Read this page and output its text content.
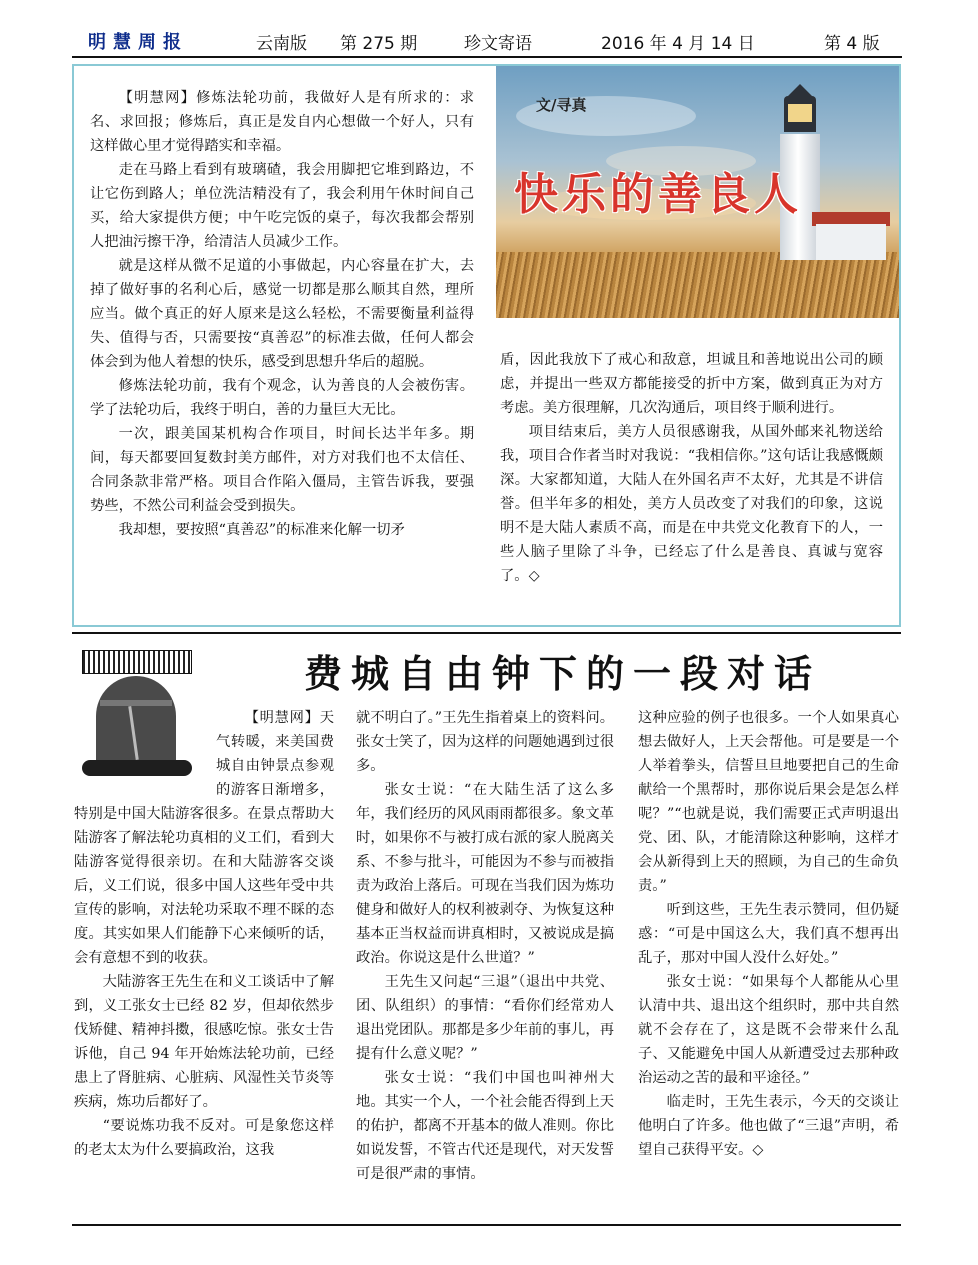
明慧周报	云南版 第 275 期	珍文寄语	2016 年 4 月 14 日	第 4 版
文/寻真
快乐的善良人

【明慧网】修炼法轮功前，我做好人是有所求的：求名、求回报；修炼后，真正是发自内心想做一个好人，只有这样做心里才觉得踏实和幸福。

走在马路上看到有玻璃碴，我会用脚把它堆到路边，不让它伤到路人；单位洗洁精没有了，我会利用午休时间自己买，给大家提供方便；中午吃完饭的桌子，每次我都会帮别人把油污擦干净，给清洁人员减少工作。

就是这样从微不足道的小事做起，内心容量在扩大，去掉了做好事的名利心后，感觉一切都是那么顺其自然，理所应当。做个真正的好人原来是这么轻松，不需要衡量利益得失、值得与否，只需要按“真善忍”的标准去做，任何人都会体会到为他人着想的快乐，感受到思想升华后的超脱。

修炼法轮功前，我有个观念，认为善良的人会被伤害。学了法轮功后，我终于明白，善的力量巨大无比。

一次，跟美国某机构合作项目，时间长达半年多。期间，每天都要回复数封美方邮件，对方对我们也不太信任、合同条款非常严格。项目合作陷入僵局，主管告诉我，要强势些，不然公司利益会受到损失。

我却想，要按照“真善忍”的标准来化解一切矛

盾，因此我放下了戒心和敌意，坦诚且和善地说出公司的顾虑，并提出一些双方都能接受的折中方案，做到真正为对方考虑。美方很理解，几次沟通后，项目终于顺利进行。

项目结束后，美方人员很感谢我，从国外邮来礼物送给我，项目合作者当时对我说：“我相信你。”这句话让我感慨颇深。大家都知道，大陆人在外国名声不太好，尤其是不讲信誉。但半年多的相处，美方人员改变了对我们的印象，这说明不是大陆人素质不高，而是在中共党文化教育下的人，一些人脑子里除了斗争，已经忘了什么是善良、真诚与宽容了。◇

费城自由钟下的一段对话

【明慧网】天气转暖，来美国费城自由钟景点参观的游客日渐增多，特别是中国大陆游客很多。在景点帮助大陆游客了解法轮功真相的义工们，看到大陆游客觉得很亲切。在和大陆游客交谈后，义工们说，很多中国人这些年受中共宣传的影响，对法轮功采取不理不睬的态度。其实如果人们能静下心来倾听的话，会有意想不到的收获。

大陆游客王先生在和义工谈话中了解到，义工张女士已经 82 岁，但却依然步伐矫健、精神抖擞，很感吃惊。张女士告诉他，自己 94 年开始炼法轮功前，已经患上了肾脏病、心脏病、风湿性关节炎等疾病，炼功后都好了。

“要说炼功我不反对。可是象您这样的老太太为什么要搞政治，这我

就不明白了。”王先生指着桌上的资料问。张女士笑了，因为这样的问题她遇到过很多。

张女士说：“在大陆生活了这么多年，我们经历的风风雨雨都很多。象文革时，如果你不与被打成右派的家人脱离关系、不参与批斗，可能因为不参与而被指责为政治上落后。可现在当我们因为炼功健身和做好人的权利被剥夺、为恢复这种基本正当权益而讲真相时，又被说成是搞政治。你说这是什么世道？”

王先生又问起“三退”（退出中共党、团、队组织）的事情：“看你们经常劝人退出党团队。那都是多少年前的事儿，再提有什么意义呢？”

张女士说：“我们中国也叫神州大地。其实一个人，一个社会能否得到上天的佑护，都离不开基本的做人准则。你比如说发誓，不管古代还是现代，对天发誓可是很严肃的事情。

这种应验的例子也很多。一个人如果真心想去做好人，上天会帮他。可是要是一个人举着拳头，信誓旦旦地要把自己的生命献给一个黑帮时，那你说后果会是怎么样呢？”“也就是说，我们需要正式声明退出党、团、队，才能清除这种影响，这样才会从新得到上天的照顾，为自己的生命负责。”

听到这些，王先生表示赞同，但仍疑惑：“可是中国这么大，我们真不想再出乱子，那对中国人没什么好处。”

张女士说：“如果每个人都能从心里认清中共、退出这个组织时，那中共自然就不会存在了，这是既不会带来什么乱子、又能避免中国人从新遭受过去那种政治运动之苦的最和平途径。”

临走时，王先生表示，今天的交谈让他明白了许多。他也做了“三退”声明，希望自己获得平安。◇
